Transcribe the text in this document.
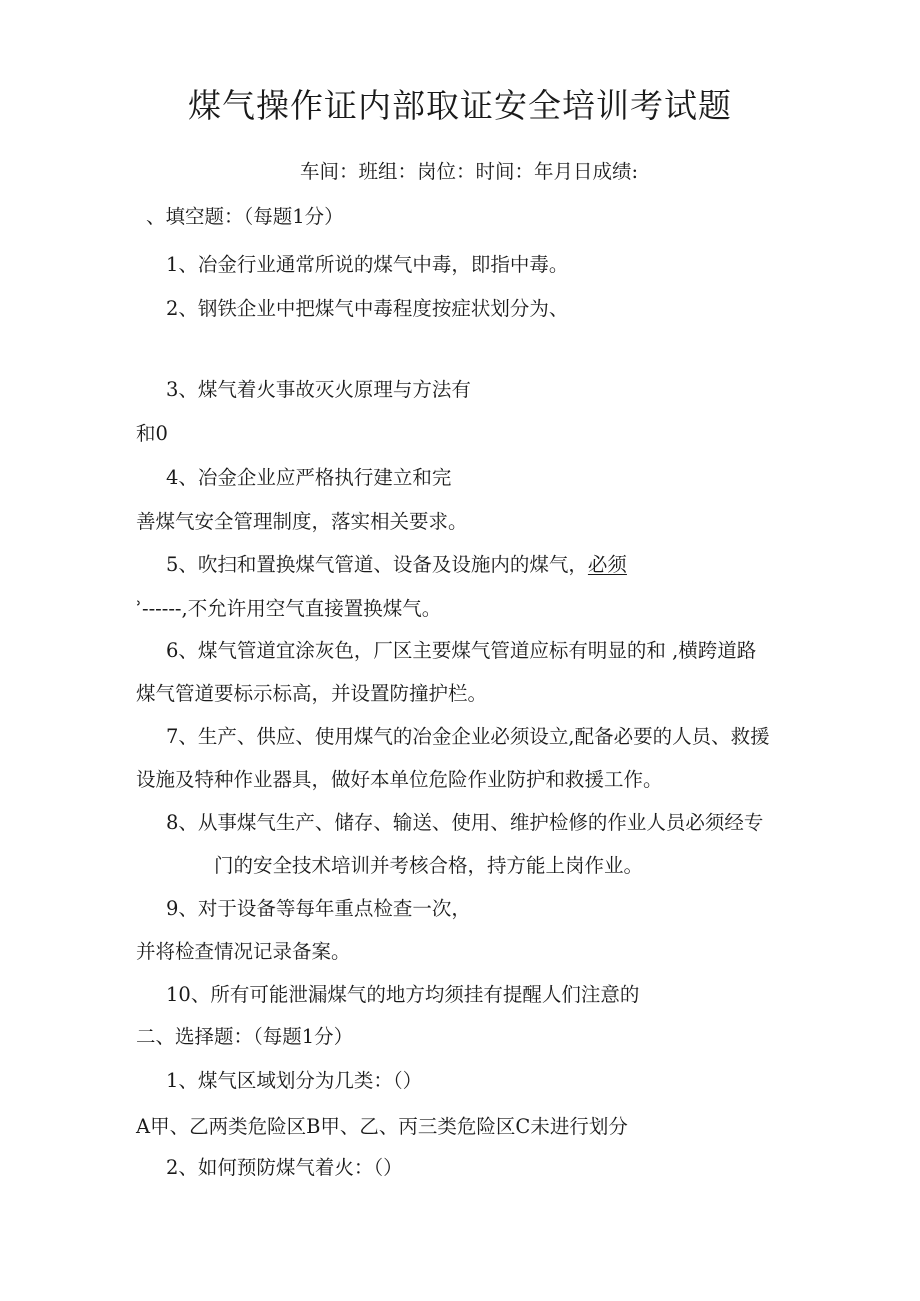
煤气操作证内部取证安全培训考试题
车间：班组：岗位：时间：年月日成绩:
、填空题：（每题1分）
1、冶金行业通常所说的煤气中毒，即指中毒。
2、钢铁企业中把煤气中毒程度按症状划分为、
3、煤气着火事故灭火原理与方法有
和0
4、冶金企业应严格执行建立和完
善煤气安全管理制度，落实相关要求。
5、吹扫和置换煤气管道、设备及设施内的煤气，必须
ʾ------,不允许用空气直接置换煤气。
6、煤气管道宜涂灰色，厂区主要煤气管道应标有明显的和 ,横跨道路
煤气管道要标示标高，并设置防撞护栏。
7、生产、供应、使用煤气的冶金企业必须设立,配备必要的人员、救援
设施及特种作业器具，做好本单位危险作业防护和救援工作。
8、从事煤气生产、储存、输送、使用、维护检修的作业人员必须经专
门的安全技术培训并考核合格，持方能上岗作业。
9、对于设备等每年重点检查一次，
并将检查情况记录备案。
10、所有可能泄漏煤气的地方均须挂有提醒人们注意的
二、选择题：（每题1分）
1、煤气区域划分为几类：（）
A甲、乙两类危险区B甲、乙、丙三类危险区C未进行划分
2、如何预防煤气着火：（）
